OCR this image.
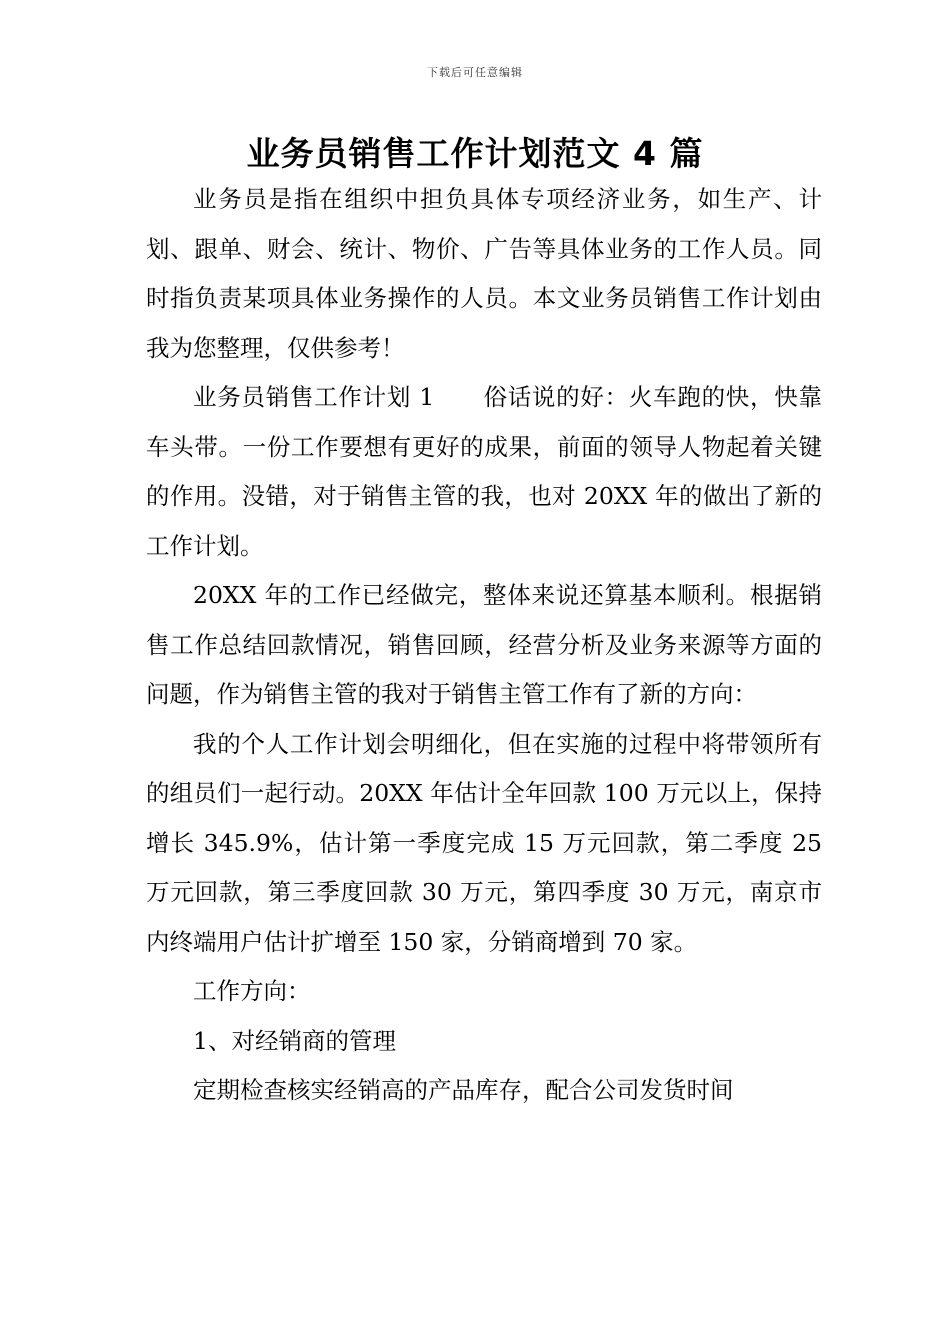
下载后可任意编辑
业务员销售工作计划范文 4 篇

业务员是指在组织中担负具体专项经济业务，如生产、计划、跟单、财会、统计、物价、广告等具体业务的工作人员。同时指负责某项具体业务操作的人员。本文业务员销售工作计划由我为您整理，仅供参考！

业务员销售工作计划 1　　俗话说的好：火车跑的快，快靠车头带。一份工作要想有更好的成果，前面的领导人物起着关键的作用。没错，对于销售主管的我，也对 20XX 年的做出了新的工作计划。

20XX 年的工作已经做完，整体来说还算基本顺利。根据销售工作总结回款情况，销售回顾，经营分析及业务来源等方面的问题，作为销售主管的我对于销售主管工作有了新的方向：

我的个人工作计划会明细化，但在实施的过程中将带领所有的组员们一起行动。20XX 年估计全年回款 100 万元以上，保持增长 345.9%，估计第一季度完成 15 万元回款，第二季度 25 万元回款，第三季度回款 30 万元，第四季度 30 万元，南京市内终端用户估计扩增至 150 家，分销商增到 70 家。

工作方向：

1、对经销商的管理

定期检查核实经销高的产品库存，配合公司发货时间
